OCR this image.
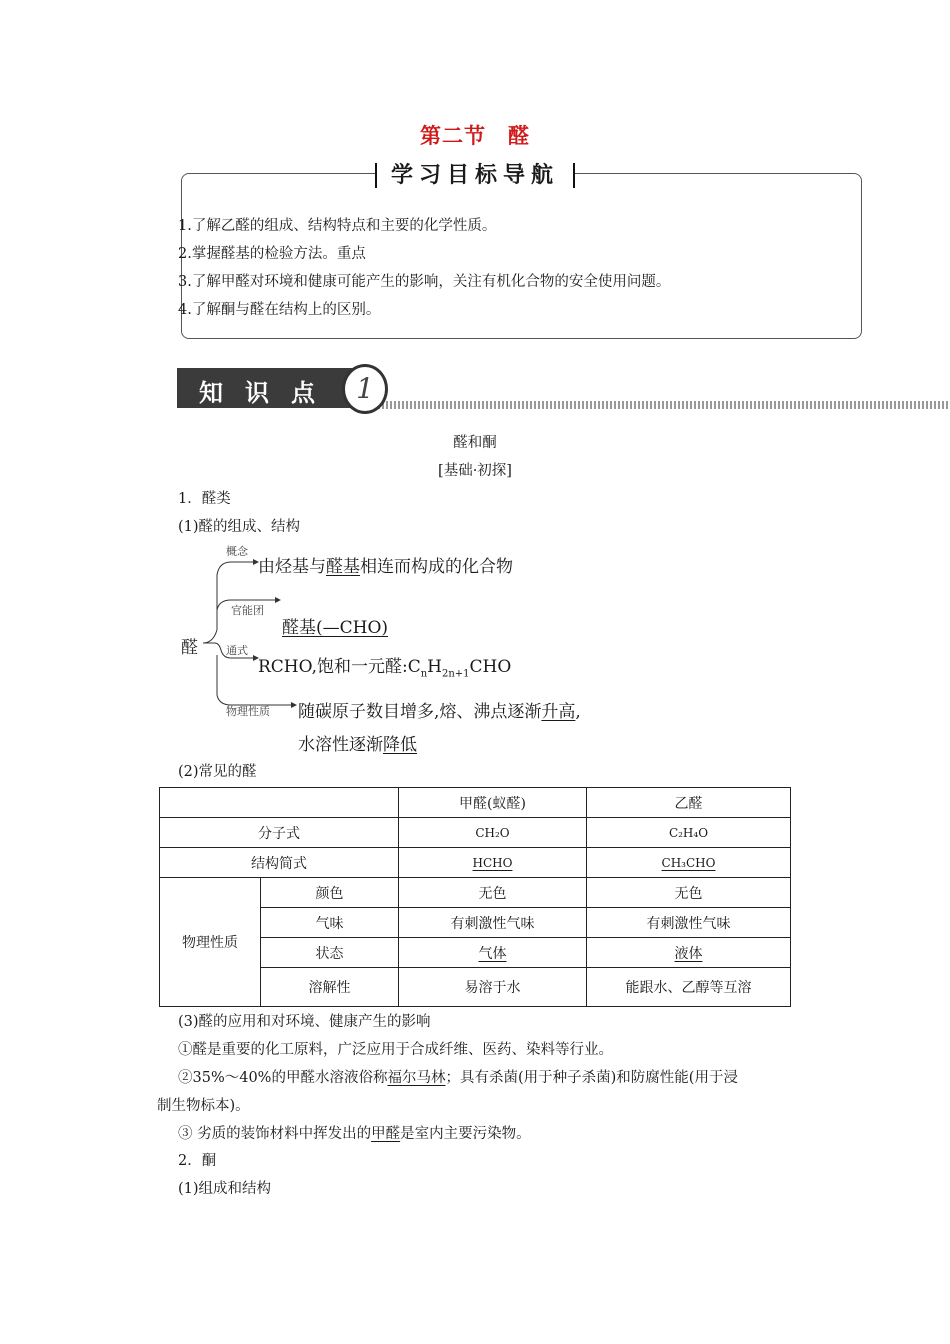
第二节　醛
学习目标导航
1.了解乙醛的组成、结构特点和主要的化学性质。
2.掌握醛基的检验方法。重点
3.了解甲醛对环境和健康可能产生的影响，关注有机化合物的安全使用问题。
4.了解酮与醛在结构上的区别。
知识点 1
醛和酮
[基础·初探]
1．醛类
(1)醛的组成、结构
醛
概念
由烃基与醛基相连而构成的化合物
官能团
醛基(—CHO)
通式
RCHO,饱和一元醛$:C_nH_{2n+1}CHO$
物理性质 随碳原子数目增多,熔、沸点逐渐升高,
水溶性逐渐降低
(2)常见的醛
		甲醛(蚁醛)	乙醛
分子式		CH₂O	C₂H₄O
结构简式		HCHO	CH₃CHO
物理性质	颜色	无色	无色
	气味	有刺激性气味	有刺激性气味
	状态	气体	液体
	溶解性	易溶于水	能跟水、乙醇等互溶
(3)醛的应用和对环境、健康产生的影响
①醛是重要的化工原料，广泛应用于合成纤维、医药、染料等行业。
②35%～40%的甲醛水溶液俗称福尔马林；具有杀菌(用于种子杀菌)和防腐性能(用于浸
制生物标本)。
③ 劣质的装饰材料中挥发出的甲醛是室内主要污染物。
2．酮
(1)组成和结构
